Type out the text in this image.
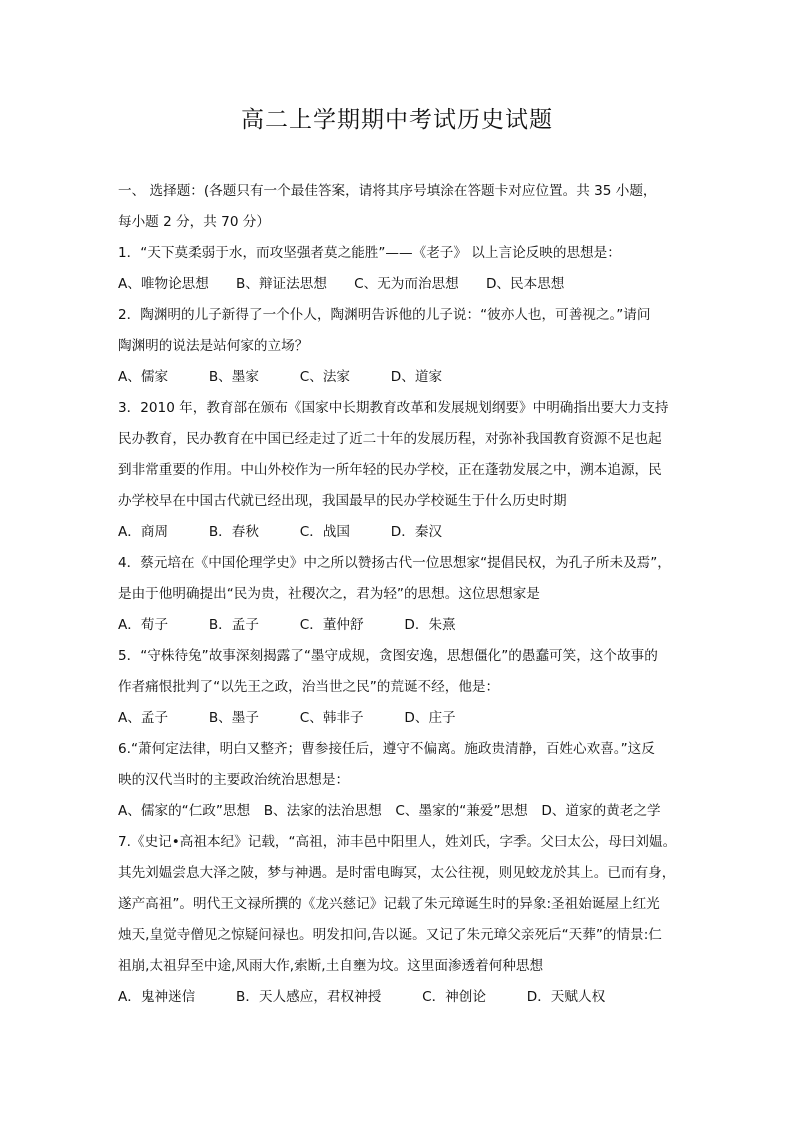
高二上学期期中考试历史试题
一、 选择题：(各题只有一个最佳答案，请将其序号填涂在答题卡对应位置。共 35 小题，
每小题 2 分，共 70 分）
1．“天下莫柔弱于水，而攻坚强者莫之能胜”——《老子》 以上言论反映的思想是：
A、唯物论思想　　B、辩证法思想　　C、无为而治思想　　D、民本思想
2．陶渊明的儿子新得了一个仆人，陶渊明告诉他的儿子说：“彼亦人也，可善视之。”请问
陶渊明的说法是站何家的立场？
A、儒家　　　B、墨家　　　C、法家　　　D、道家
3．2010 年，教育部在颁布《国家中长期教育改革和发展规划纲要》中明确指出要大力支持
民办教育，民办教育在中国已经走过了近二十年的发展历程，对弥补我国教育资源不足也起
到非常重要的作用。中山外校作为一所年轻的民办学校，正在蓬勃发展之中，溯本追源，民
办学校早在中国古代就已经出现，我国最早的民办学校诞生于什么历史时期
A．商周　　　B．春秋　　　C．战国　　　D．秦汉
4．蔡元培在《中国伦理学史》中之所以赞扬古代一位思想家“提倡民权，为孔子所未及焉”，
是由于他明确提出“民为贵，社稷次之，君为轻”的思想。这位思想家是
A．荀子　　　B．孟子　　　C．董仲舒　　　D．朱熹
5．“守株待兔”故事深刻揭露了“墨守成规，贪图安逸，思想僵化”的愚蠢可笑，这个故事的
作者痛恨批判了“以先王之政，治当世之民”的荒诞不经，他是：
A、孟子　　　B、墨子　　　C、韩非子　　　D、庄子
6.“萧何定法律，明白又整齐；曹参接任后，遵守不偏离。施政贵清静，百姓心欢喜。”这反
映的汉代当时的主要政治统治思想是：
A、儒家的“仁政”思想　B、法家的法治思想　C、墨家的“兼爱”思想　D、道家的黄老之学
7.《史记•高祖本纪》记载，“高祖，沛丰邑中阳里人，姓刘氏，字季。父曰太公，母曰刘媪。
其先刘媪尝息大泽之陂，梦与神遇。是时雷电晦冥，太公往视，则见蛟龙於其上。已而有身，
遂产高祖”。明代王文禄所撰的《龙兴慈记》记载了朱元璋诞生时的异象:圣祖始诞屋上红光
烛天,皇觉寺僧见之惊疑问禄也。明发扣问,告以诞。又记了朱元璋父亲死后“天葬”的情景:仁
祖崩,太祖舁至中途,风雨大作,索断,土自壅为坟。这里面渗透着何种思想
A．鬼神迷信　　　B．天人感应，君权神授　　　C．神创论　　　D．天赋人权
